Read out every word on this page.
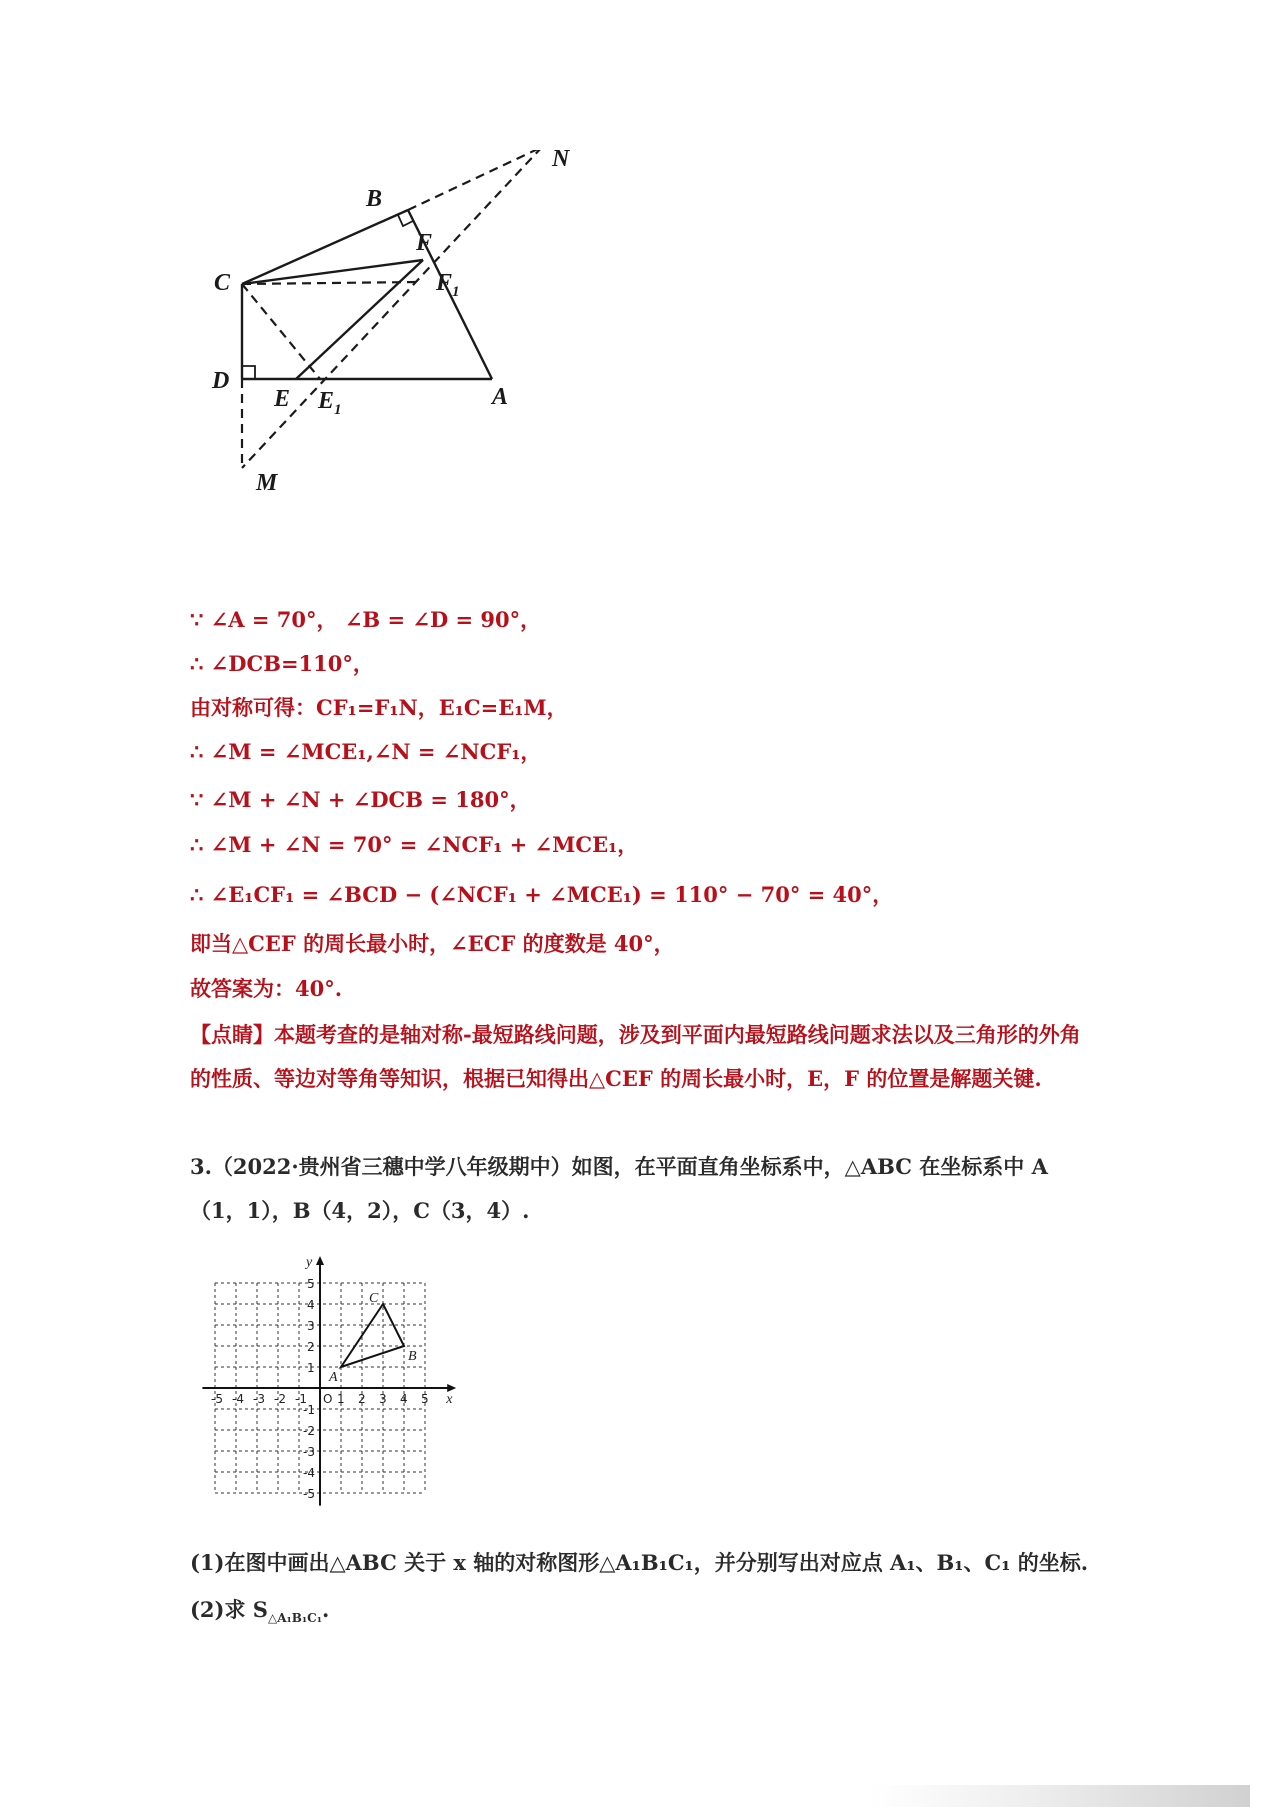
B
N
F
C	$F_1$
D
E $E_1$	A
M
∵ ∠A = 70°， ∠B = ∠D = 90°，
∴ ∠DCB=110°，
由对称可得：CF₁=F₁N，E₁C=E₁M，
∴ ∠M = ∠MCE₁,∠N = ∠NCF₁，
∵ ∠M + ∠N + ∠DCB = 180°，
∴ ∠M + ∠N = 70° = ∠NCF₁ + ∠MCE₁，
∴ ∠E₁CF₁ = ∠BCD − (∠NCF₁ + ∠MCE₁) = 110° − 70° = 40°，
即当△CEF 的周长最小时，∠ECF 的度数是 40°，
故答案为：40°.
【点睛】本题考查的是轴对称-最短路线问题，涉及到平面内最短路线问题求法以及三角形的外角的性质、等边对等角等知识，根据已知得出△CEF 的周长最小时，E，F 的位置是解题关键.
3.（2022·贵州省三穗中学八年级期中）如图，在平面直角坐标系中，△ABC 在坐标系中 A
（1，1），B（4，2），C（3，4）.
-5 -4 -3 -2 -1 O 1 2 3 4 5
1
2
3
4
5
-1
-2
-3
-4
-5
A
B
C
x
y
(1)在图中画出△ABC 关于 x 轴的对称图形△A₁B₁C₁，并分别写出对应点 A₁、B₁、C₁ 的坐标.
(2)求 $S_{\triangle A_1B_1C_1}$.
